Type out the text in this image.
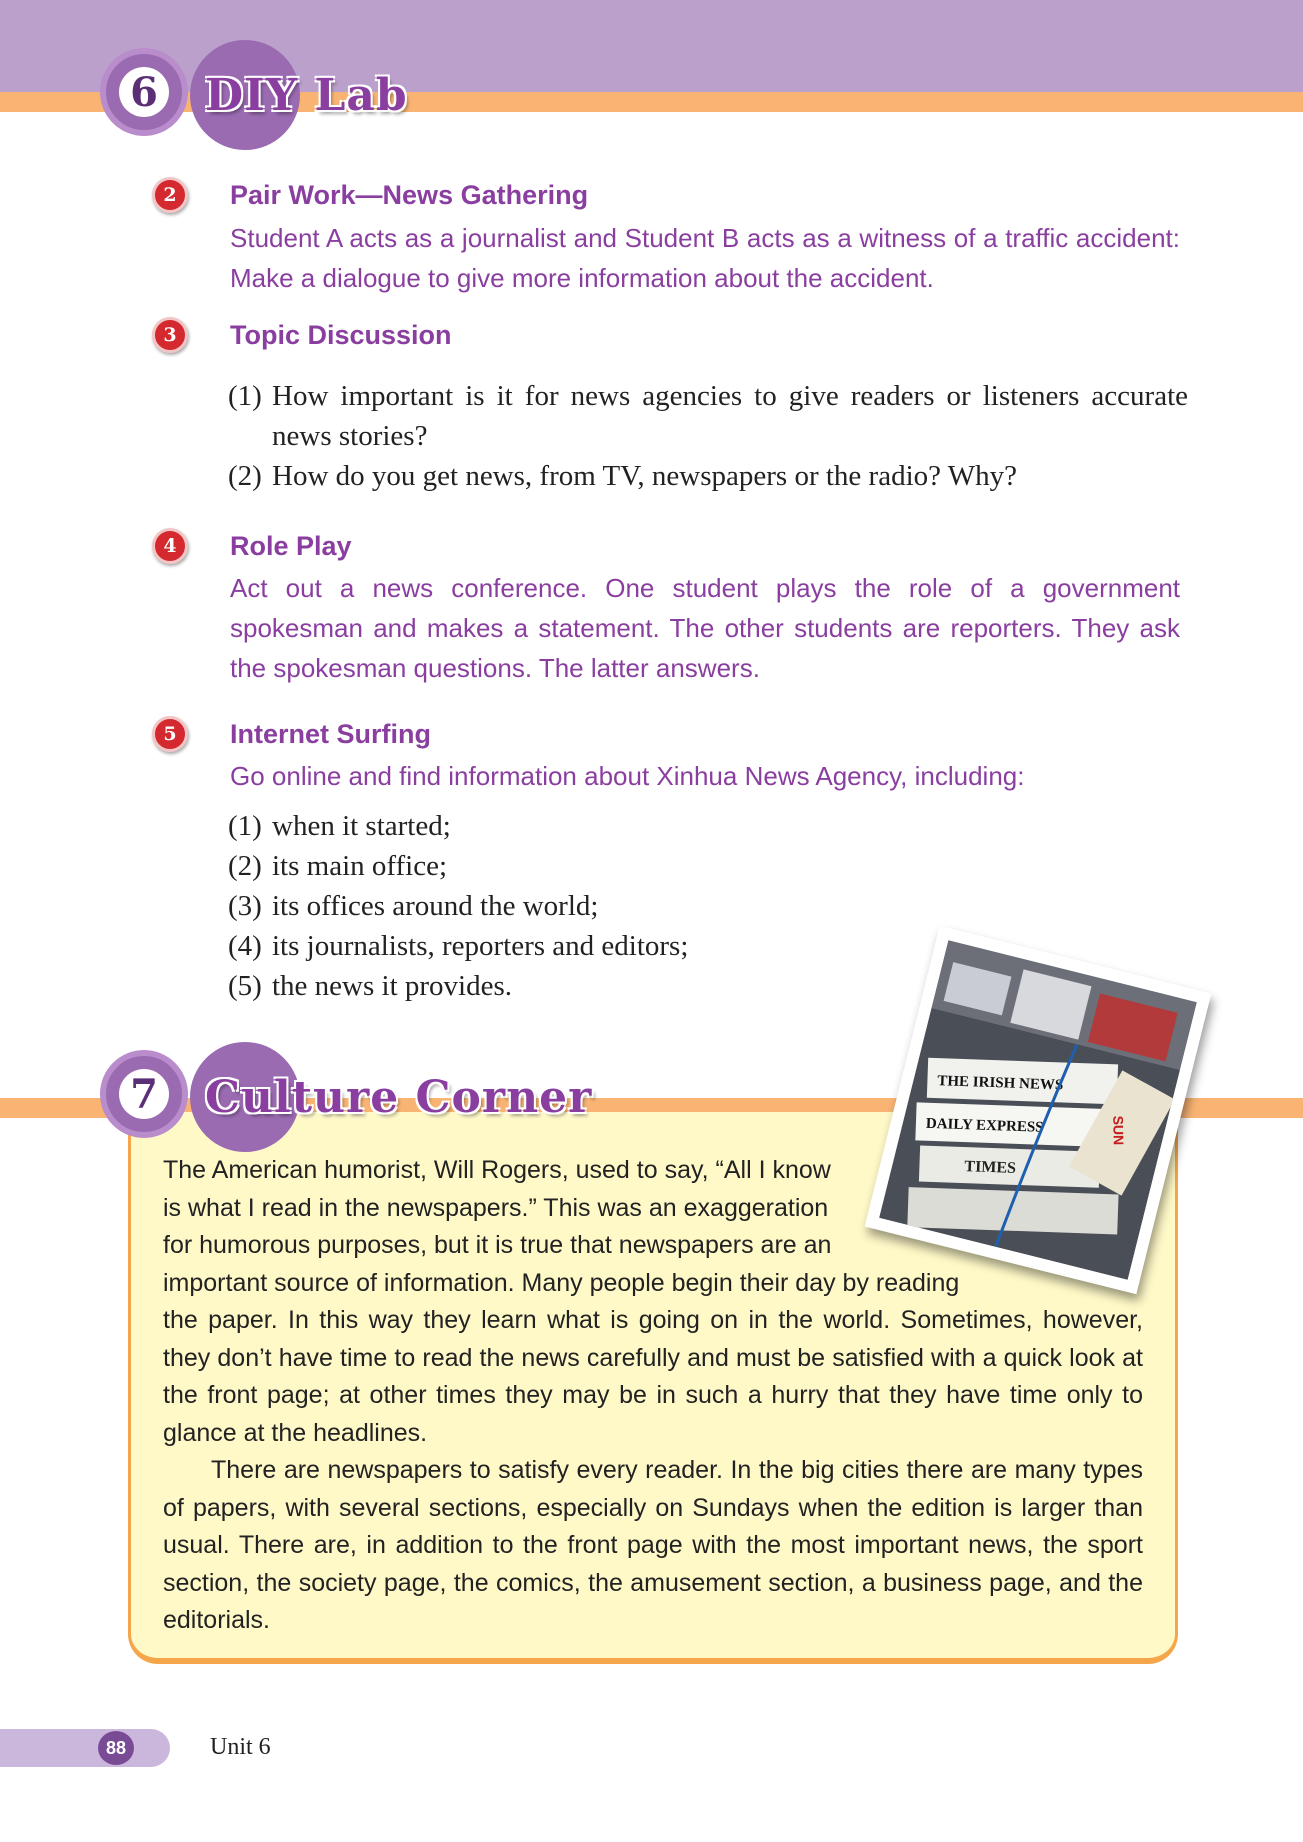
6 DIY Lab
2	Pair Work—News Gathering
Student A acts as a journalist and Student B acts as a witness of a traffic accident: Make a dialogue to give more information about the accident.
3	Topic Discussion
(1) How important is it for news agencies to give readers or listeners accurate news stories?
(2) How do you get news, from TV, newspapers or the radio? Why?
4	Role Play
Act out a news conference. One student plays the role of a government spokesman and makes a statement. The other students are reporters. They ask the spokesman questions. The latter answers.
5	Internet Surfing
Go online and find information about Xinhua News Agency, including:
(1) when it started;
(2) its main office;
(3) its offices around the world;
(4) its journalists, reporters and editors;
(5) the news it provides.
7 Culture Corner	THE IRISH NEWS
DAILY EXPRESS
TIMES
SUN
The American humorist, Will Rogers, used to say, “All I know
is what I read in the newspapers.” This was an exaggeration
for humorous purposes, but it is true that newspapers are an
important source of information. Many people begin their day by reading
the paper. In this way they learn what is going on in the world. Sometimes, however, they don’t have time to read the news carefully and must be satisfied with a quick look at the front page; at other times they may be in such a hurry that they have time only to glance at the headlines.
There are newspapers to satisfy every reader. In the big cities there are many types of papers, with several sections, especially on Sundays when the edition is larger than usual. There are, in addition to the front page with the most important news, the sport section, the society page, the comics, the amusement section, a business page, and the editorials.
88	Unit 6
